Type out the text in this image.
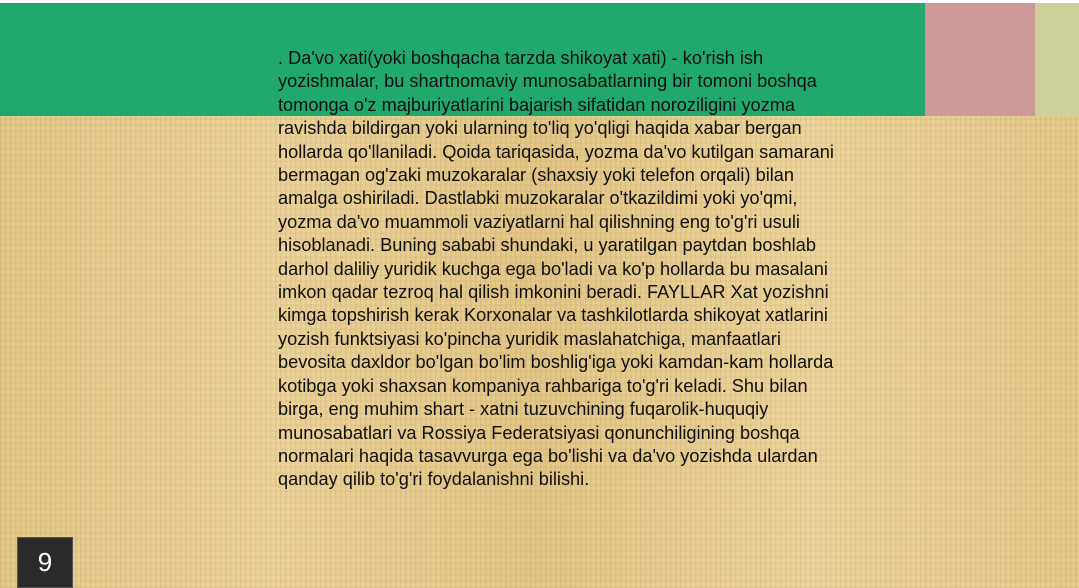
. Da'vo xati(yoki boshqacha tarzda shikoyat xati) - ko'rish ish yozishmalar, bu shartnomaviy munosabatlarning bir tomoni boshqa tomonga o'z majburiyatlarini bajarish sifatidan noroziligini yozma ravishda bildirgan yoki ularning to'liq yo'qligi haqida xabar bergan hollarda qo'llaniladi. Qoida tariqasida, yozma da'vo kutilgan samarani bermagan og'zaki muzokaralar (shaxsiy yoki telefon orqali) bilan amalga oshiriladi. Dastlabki muzokaralar o'tkazildimi yoki yo'qmi, yozma da'vo muammoli vaziyatlarni hal qilishning eng to'g'ri usuli hisoblanadi. Buning sababi shundaki, u yaratilgan paytdan boshlab darhol daliliy yuridik kuchga ega bo'ladi va ko'p hollarda bu masalani imkon qadar tezroq hal qilish imkonini beradi. FAYLLAR Xat yozishni kimga topshirish kerak Korxonalar va tashkilotlarda shikoyat xatlarini yozish funktsiyasi ko'pincha yuridik maslahatchiga, manfaatlari bevosita daxldor bo'lgan bo'lim boshlig'iga yoki kamdan-kam hollarda kotibga yoki shaxsan kompaniya rahbariga to'g'ri keladi. Shu bilan birga, eng muhim shart - xatni tuzuvchining fuqarolik-huquqiy munosabatlari va Rossiya Federatsiyasi qonunchiligining boshqa normalari haqida tasavvurga ega bo'lishi va da'vo yozishda ulardan qanday qilib to'g'ri foydalanishni bilishi.

9
